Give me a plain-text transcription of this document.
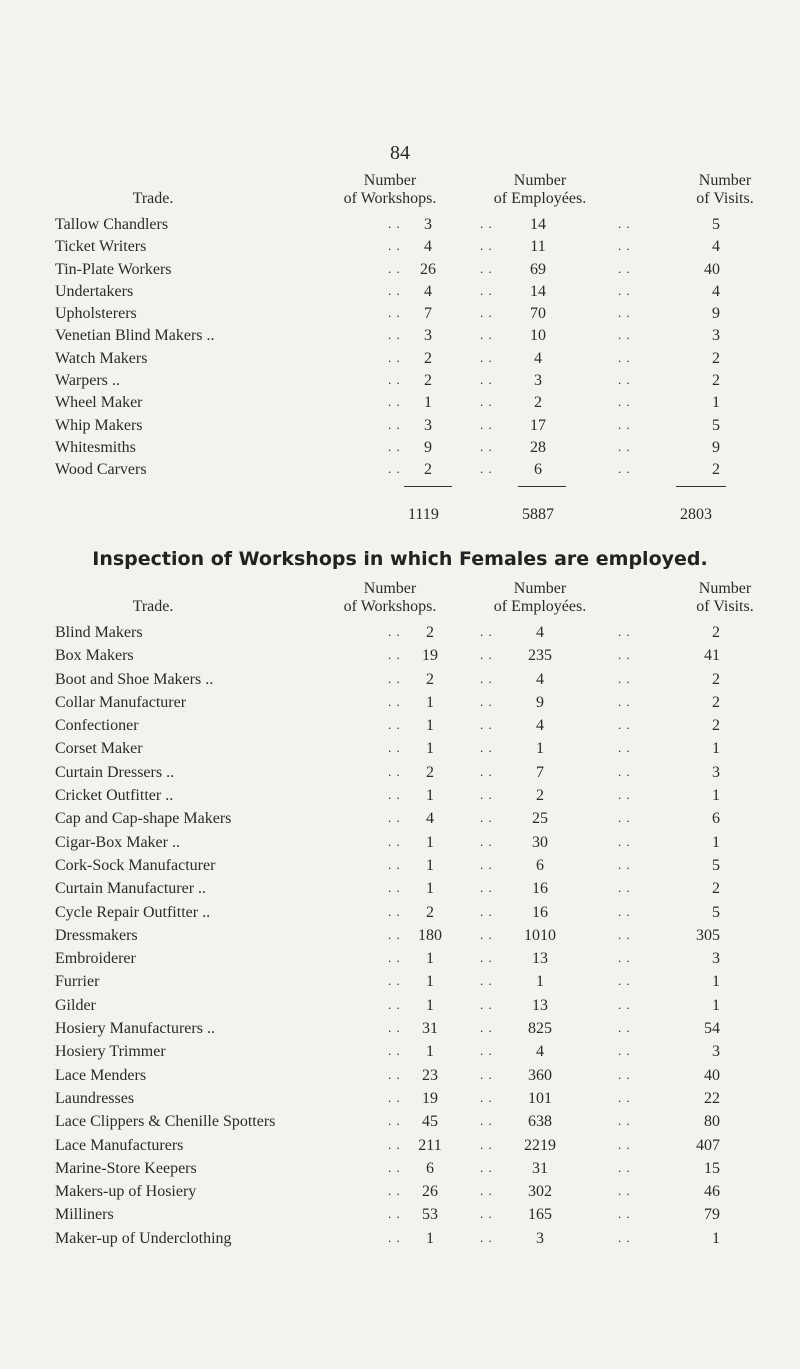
84
Trade.
Number
of Workshops.
Number
of Employées.
Number
of Visits.
Tallow Chandlers	. .	3	. .	14	. .	5
Ticket Writers	. .	4	. .	11	. .	4
Tin-Plate Workers	. .	26	. .	69	. .	40
Undertakers	. .	4	. .	14	. .	4
Upholsterers	. .	7	. .	70	. .	9
Venetian Blind Makers ..	. .	3	. .	10	. .	3
Watch Makers	. .	2	. .	4	. .	2
Warpers ..	. .	2	. .	3	. .	2
Wheel Maker	. .	1	. .	2	. .	1
Whip Makers	. .	3	. .	17	. .	5
Whitesmiths	. .	9	. .	28	. .	9
Wood Carvers	. .	2	. .	6	. .	2
1119	5887	2803
Inspection of Workshops in which Females are employed.
Trade.
Number
of Workshops.
Number
of Employées.
Number
of Visits.
Blind Makers	. .	2	. .	4	. .	2
Box Makers	. .	19	. .	235	. .	41
Boot and Shoe Makers ..	. .	2	. .	4	. .	2
Collar Manufacturer	. .	1	. .	9	. .	2
Confectioner	. .	1	. .	4	. .	2
Corset Maker	. .	1	. .	1	. .	1
Curtain Dressers ..	. .	2	. .	7	. .	3
Cricket Outfitter ..	. .	1	. .	2	. .	1
Cap and Cap-shape Makers	. .	4	. .	25	. .	6
Cigar-Box Maker ..	. .	1	. .	30	. .	1
Cork-Sock Manufacturer	. .	1	. .	6	. .	5
Curtain Manufacturer ..	. .	1	. .	16	. .	2
Cycle Repair Outfitter ..	. .	2	. .	16	. .	5
Dressmakers	. .	180	. .	1010	. .	305
Embroiderer	. .	1	. .	13	. .	3
Furrier	. .	1	. .	1	. .	1
Gilder	. .	1	. .	13	. .	1
Hosiery Manufacturers ..	. .	31	. .	825	. .	54
Hosiery Trimmer	. .	1	. .	4	. .	3
Lace Menders	. .	23	. .	360	. .	40
Laundresses	. .	19	. .	101	. .	22
Lace Clippers & Chenille Spotters	. .	45	. .	638	. .	80
Lace Manufacturers	. .	211	. .	2219	. .	407
Marine-Store Keepers	. .	6	. .	31	. .	15
Makers-up of Hosiery	. .	26	. .	302	. .	46
Milliners	. .	53	. .	165	. .	79
Maker-up of Underclothing	. .	1	. .	3	. .	1
